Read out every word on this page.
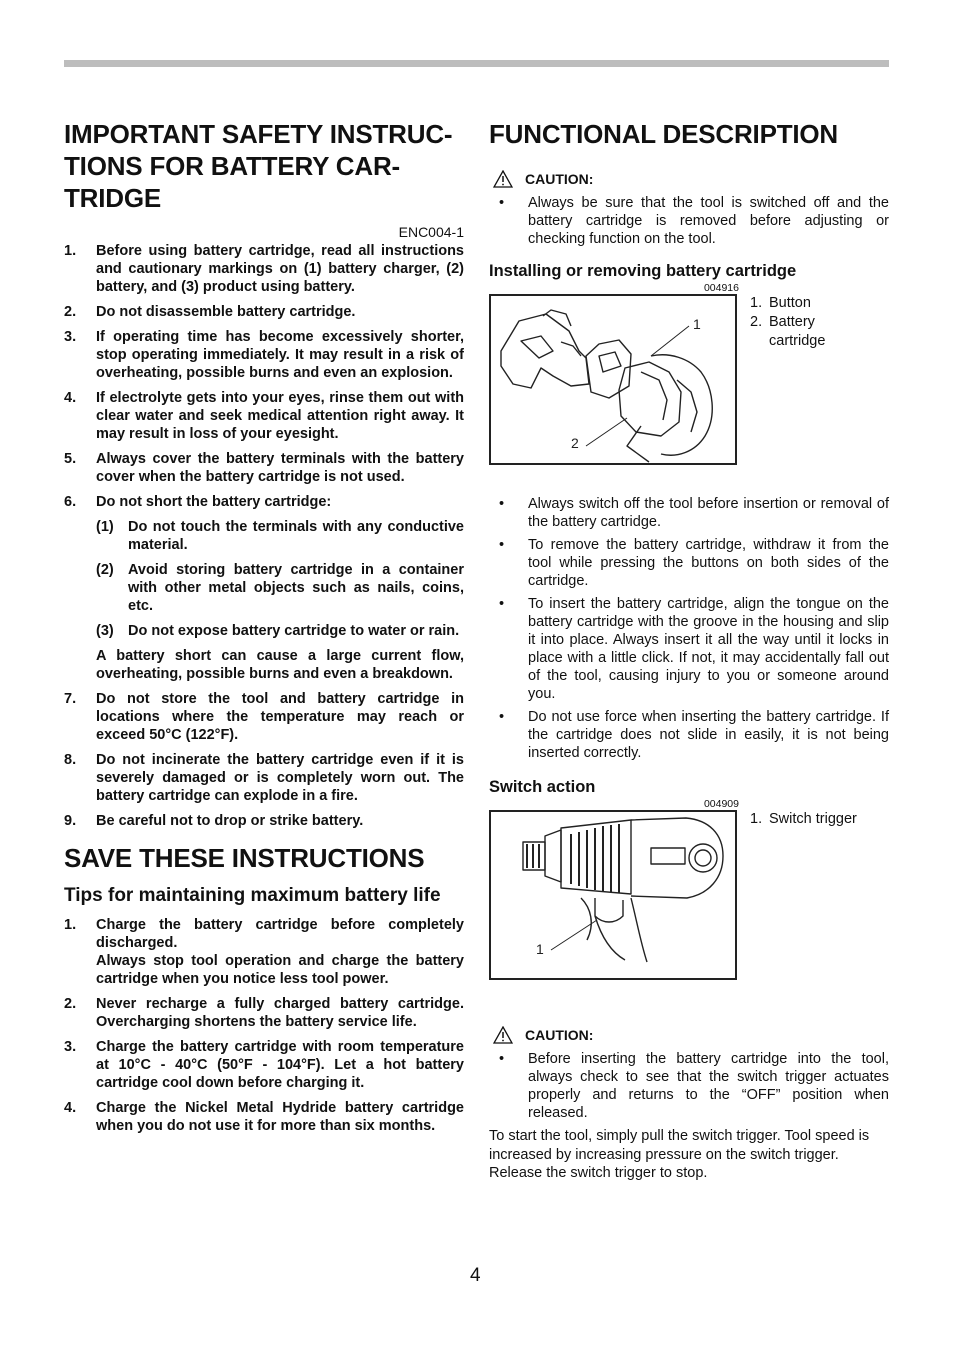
IMPORTANT SAFETY INSTRUC-
TIONS FOR BATTERY CAR-
TRIDGE
ENC004-1
1. Before using battery cartridge, read all instructions and cautionary markings on (1) battery charger, (2) battery, and (3) product using battery.
2. Do not disassemble battery cartridge.
3. If operating time has become excessively shorter, stop operating immediately. It may result in a risk of overheating, possible burns and even an explosion.
4. If electrolyte gets into your eyes, rinse them out with clear water and seek medical attention right away. It may result in loss of your eyesight.
5. Always cover the battery terminals with the battery cover when the battery cartridge is not used.
6. Do not short the battery cartridge:
(1) Do not touch the terminals with any conductive material.
(2) Avoid storing battery cartridge in a container with other metal objects such as nails, coins, etc.
(3) Do not expose battery cartridge to water or rain.
A battery short can cause a large current flow, overheating, possible burns and even a breakdown.
7. Do not store the tool and battery cartridge in locations where the temperature may reach or exceed 50°C (122°F).
8. Do not incinerate the battery cartridge even if it is severely damaged or is completely worn out. The battery cartridge can explode in a fire.
9. Be careful not to drop or strike battery.
SAVE THESE INSTRUCTIONS
Tips for maintaining maximum battery life
1. Charge the battery cartridge before completely discharged.
Always stop tool operation and charge the battery cartridge when you notice less tool power.
2. Never recharge a fully charged battery cartridge. Overcharging shortens the battery service life.
3. Charge the battery cartridge with room temperature at 10°C - 40°C (50°F - 104°F). Let a hot battery cartridge cool down before charging it.
4. Charge the Nickel Metal Hydride battery cartridge when you do not use it for more than six months.
FUNCTIONAL DESCRIPTION
CAUTION:
• Always be sure that the tool is switched off and the battery cartridge is removed before adjusting or checking function on the tool.
Installing or removing battery cartridge
004916
1
2
1. Button
2. Battery cartridge
• Always switch off the tool before insertion or removal of the battery cartridge.
• To remove the battery cartridge, withdraw it from the tool while pressing the buttons on both sides of the cartridge.
• To insert the battery cartridge, align the tongue on the battery cartridge with the groove in the housing and slip it into place. Always insert it all the way until it locks in place with a little click. If not, it may accidentally fall out of the tool, causing injury to you or someone around you.
• Do not use force when inserting the battery cartridge. If the cartridge does not slide in easily, it is not being inserted correctly.
Switch action
004909
1
1. Switch trigger
CAUTION:
• Before inserting the battery cartridge into the tool, always check to see that the switch trigger actuates properly and returns to the “OFF” position when released.

To start the tool, simply pull the switch trigger. Tool speed is increased by increasing pressure on the switch trigger. Release the switch trigger to stop.

4
